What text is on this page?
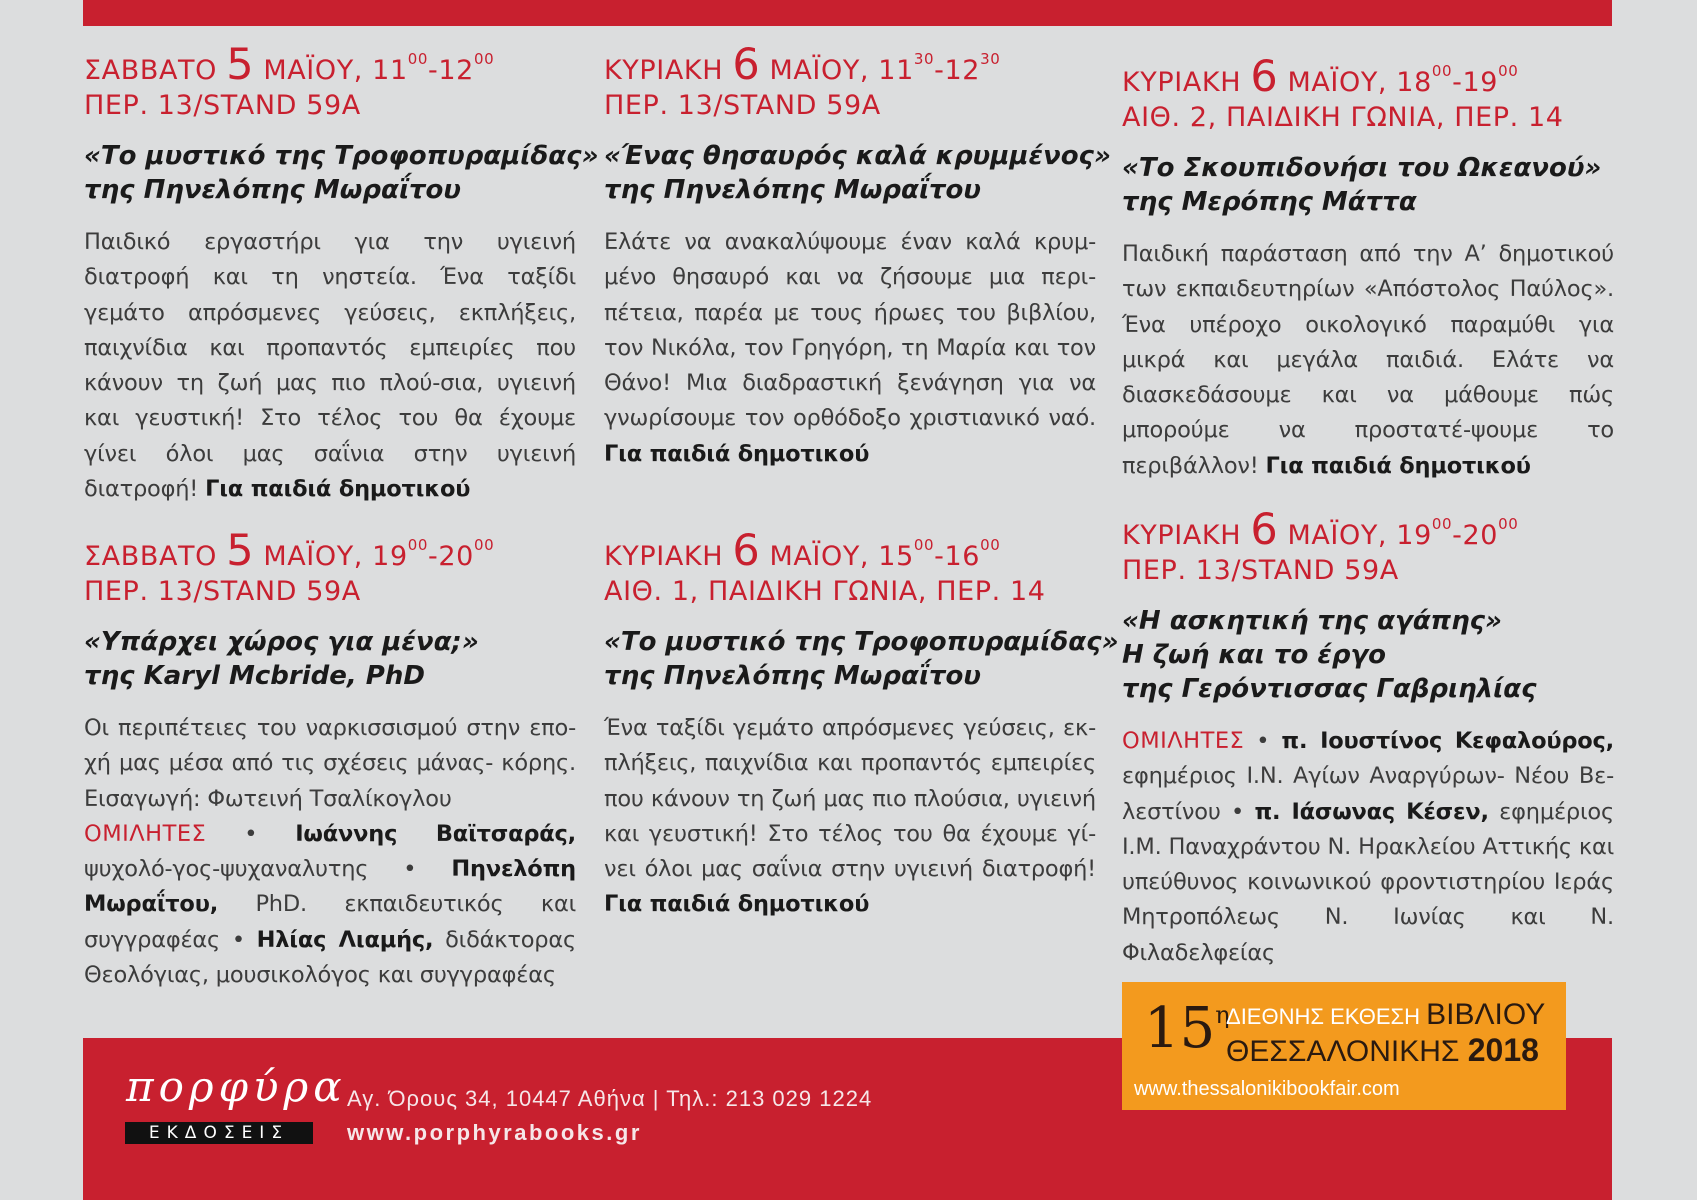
ΣΑΒΒΑΤΟ 5 ΜΑΪΟΥ, $11^{00}-12^{00}$
ΠΕΡ. 13/STAND 59A
«Το μυστικό της Τροφοπυραμίδας»
της Πηνελόπης Μωραΐτου
Παιδικό εργαστήρι για την υγιεινή διατροφή και τη νηστεία. Ένα ταξίδι γεμάτο απρόσμενες γεύσεις, εκπλήξεις, παιχνίδια και προπαντός εμπειρίες που κάνουν τη ζωή μας πιο πλού-σια, υγιεινή και γευστική! Στο τέλος του θα έχουμε γίνει όλοι μας σαΐνια στην υγιεινή διατροφή! Για παιδιά δημοτικού
ΚΥΡΙΑΚΗ 6 ΜΑΪΟΥ, $11^{30}-12^{30}$
ΠΕΡ. 13/STAND 59A
«Ένας θησαυρός καλά κρυμμένος»
της Πηνελόπης Μωραΐτου
Ελάτε να ανακαλύψουμε έναν καλά κρυμ-μένο θησαυρό και να ζήσουμε μια περι-πέτεια, παρέα με τους ήρωες του βιβλίου, τον Νικόλα, τον Γρηγόρη, τη Μαρία και τον Θάνο! Μια διαδραστική ξενάγηση για να γνωρίσουμε τον ορθόδοξο χριστιανικό ναό. Για παιδιά δημοτικού
ΚΥΡΙΑΚΗ 6 ΜΑΪΟΥ, $18^{00}-19^{00}$
ΑΙΘ. 2, ΠΑΙΔΙΚΗ ΓΩΝΙΑ, ΠΕΡ. 14
«Το Σκουπιδονήσι του Ωκεανού»
της Μερόπης Μάττα
Παιδική παράσταση από την Α’ δημοτικού των εκπαιδευτηρίων «Απόστολος Παύλος». Ένα υπέροχο οικολογικό παραμύθι για μικρά και μεγάλα παιδιά. Ελάτε να διασκεδάσουμε και να μάθουμε πώς μπορούμε να προστατέ-ψουμε το περιβάλλον! Για παιδιά δημοτικού
ΣΑΒΒΑΤΟ 5 ΜΑΪΟΥ, $19^{00}-20^{00}$
ΠΕΡ. 13/STAND 59A
«Υπάρχει χώρος για μένα;»
της Karyl Mcbride, PhD
Οι περιπέτειες του ναρκισσισμού στην επο-χή μας μέσα από τις σχέσεις μάνας- κόρης. Εισαγωγή: Φωτεινή Τσαλίκογλου
ΟΜΙΛΗΤΕΣ • Ιωάννης Βαϊτσαράς, ψυχολό-γος-ψυχαναλυτης • Πηνελόπη Μωραΐτου, PhD. εκπαιδευτικός και συγγραφέας • Ηλίας Λιαμής, διδάκτορας Θεολόγιας, μουσικολόγος και συγγραφέας
ΚΥΡΙΑΚΗ 6 ΜΑΪΟΥ, $15^{00}-16^{00}$
ΑΙΘ. 1, ΠΑΙΔΙΚΗ ΓΩΝΙΑ, ΠΕΡ. 14
«Το μυστικό της Τροφοπυραμίδας»
της Πηνελόπης Μωραΐτου
Ένα ταξίδι γεμάτο απρόσμενες γεύσεις, εκ-πλήξεις, παιχνίδια και προπαντός εμπειρίες που κάνουν τη ζωή μας πιο πλούσια, υγιεινή και γευστική! Στο τέλος του θα έχουμε γί-νει όλοι μας σαΐνια στην υγιεινή διατροφή! Για παιδιά δημοτικού
ΚΥΡΙΑΚΗ 6 ΜΑΪΟΥ, $19^{00}-20^{00}$
ΠΕΡ. 13/STAND 59A
«Η ασκητική της αγάπης»
Η ζωή και το έργο
της Γερόντισσας Γαβριηλίας
ΟΜΙΛΗΤΕΣ • π. Ιουστίνος Κεφαλούρος, εφημέριος Ι.Ν. Αγίων Αναργύρων- Νέου Βε-λεστίνου • π. Ιάσωνας Κέσεν, εφημέριος Ι.Μ. Παναχράντου Ν. Ηρακλείου Αττικής και υπεύθυνος κοινωνικού φροντιστηρίου Ιεράς Μητροπόλεως Ν. Ιωνίας και Ν. Φιλαδελφείας
πορφύρα
ΕΚΔΟΣΕΙΣ
Αγ. Όρους 34, 10447 Αθήνα | Τηλ.: 213 029 1224
www.porphyrabooks.gr
$15^\eta$
ΔΙΕΘΝΗΣ ΕΚΘΕΣΗ ΒΙΒΛΙΟΥ
ΘΕΣΣΑΛΟΝΙΚΗΣ 2018
www.thessalonikibookfair.com
